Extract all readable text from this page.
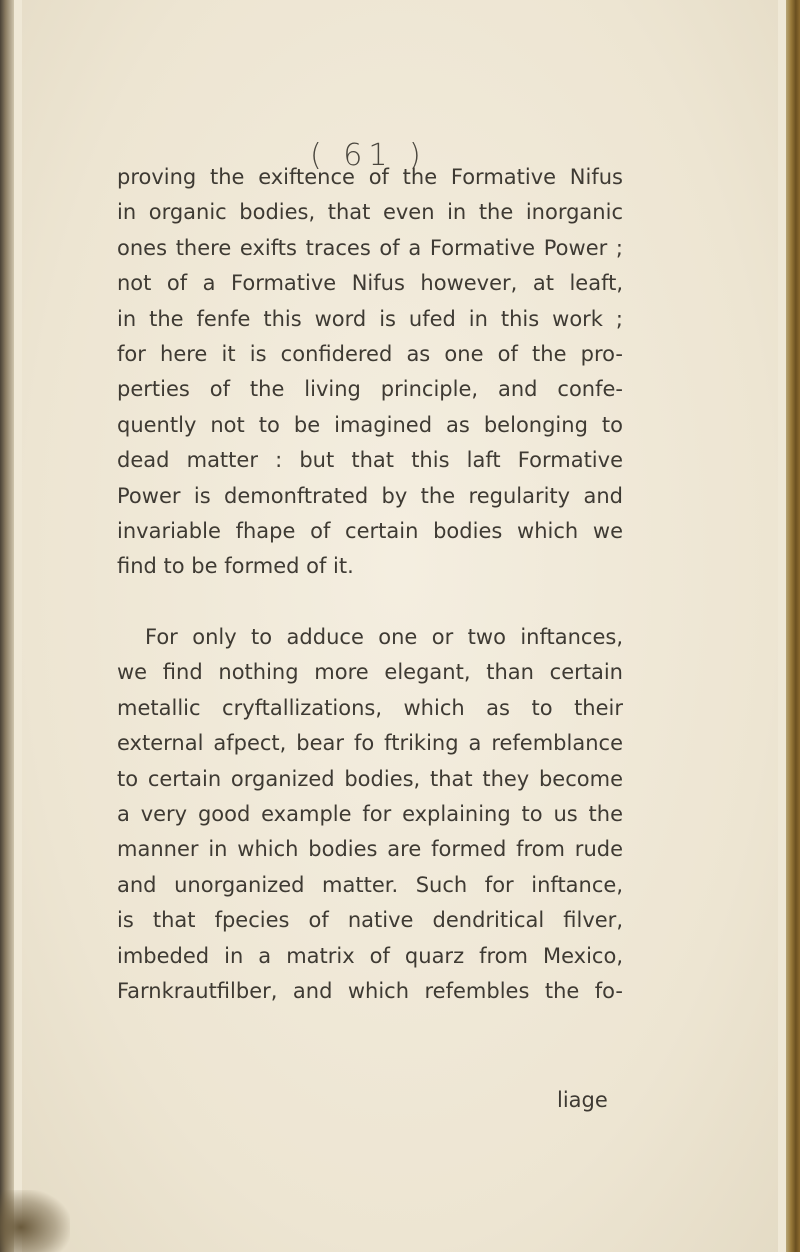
( 61 )
proving the exiftence of the Formative Nifus
in organic bodies, that even in the inorganic
ones there exifts traces of a Formative Power ;
not of a Formative Nifus however, at leaft,
in the fenfe this word is ufed in this work ;
for here it is confidered as one of the pro-
perties of the living principle, and confe-
quently not to be imagined as belonging to
dead matter : but that this laft Formative
Power is demonftrated by the regularity and
invariable fhape of certain bodies which we
find to be formed of it.
For only to adduce one or two inftances,
we find nothing more elegant, than certain
metallic cryftallizations, which as to their
external afpect, bear fo ftriking a refemblance
to certain organized bodies, that they become
a very good example for explaining to us the
manner in which bodies are formed from rude
and unorganized matter. Such for inftance,
is that fpecies of native dendritical filver,
imbeded in a matrix of quarz from Mexico,
Farnkrautfilber, and which refembles the fo-
liage
